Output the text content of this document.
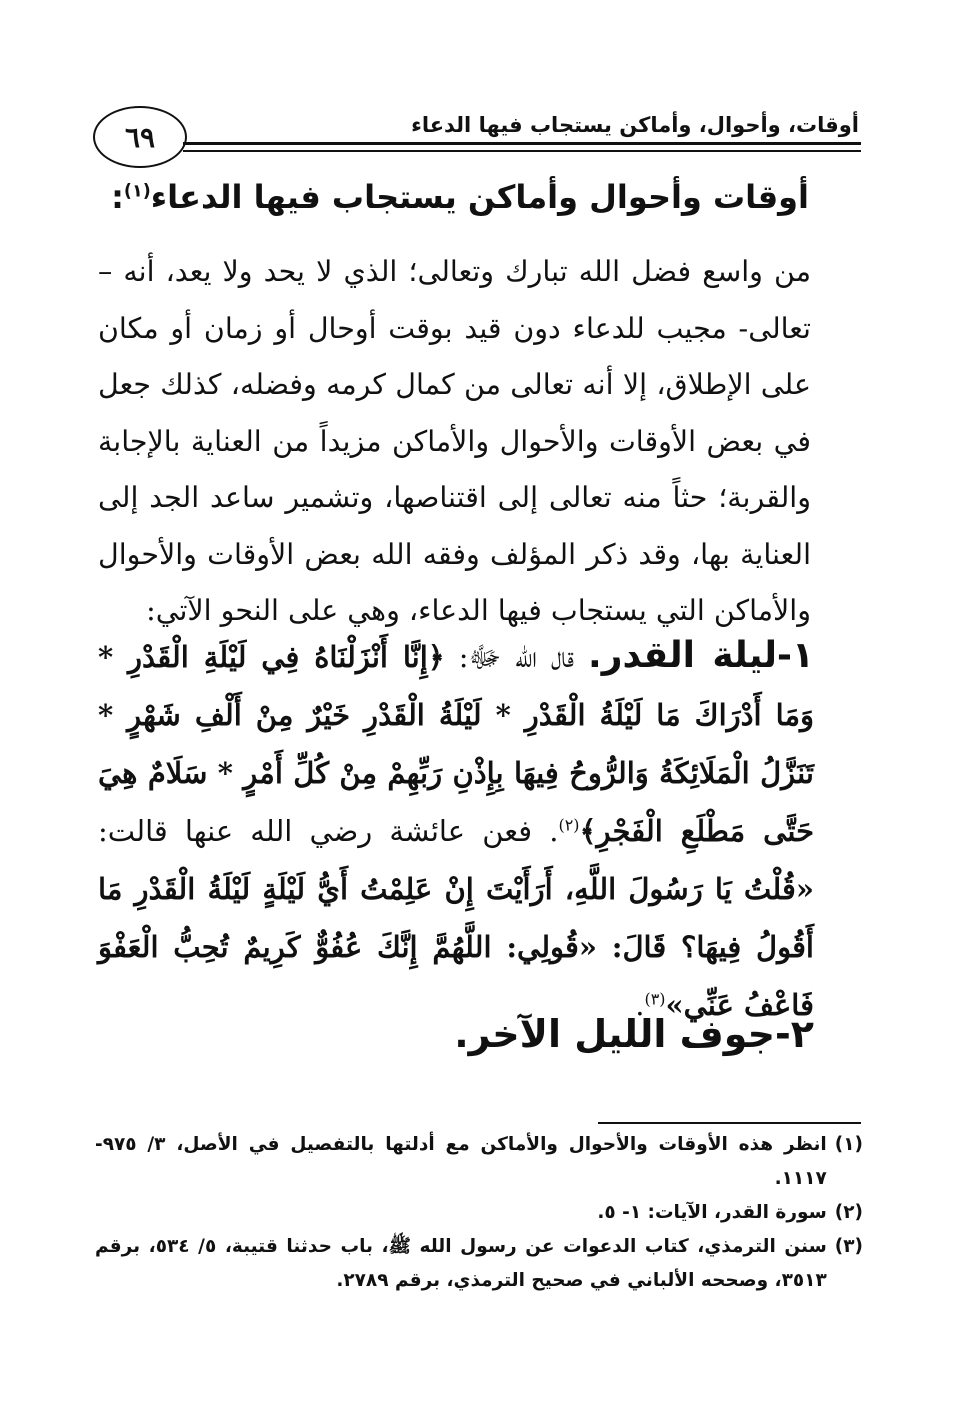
٦٩	أوقات، وأحوال، وأماكن يستجاب فيها الدعاء
أوقات وأحوال وأماكن يستجاب فيها الدعاء$^{(١)}$:
من واسع فضل الله تبارك وتعالى؛ الذي لا يحد ولا يعد، أنه – تعالى- مجيب للدعاء دون قيد بوقت أوحال أو زمان أو مكان على الإطلاق، إلا أنه تعالى من كمال كرمه وفضله، كذلك جعل في بعض الأوقات والأحوال والأماكن مزيداً من العناية بالإجابة والقربة؛ حثاً منه تعالى إلى اقتناصها، وتشمير ساعد الجد إلى العناية بها، وقد ذكر المؤلف وفقه الله بعض الأوقات والأحوال والأماكن التي يستجاب فيها الدعاء، وهي على النحو الآتي:
١-ليلة القدر. قال الله ﷻ: ﴿إِنَّا أَنْزَلْنَاهُ فِي لَيْلَةِ الْقَدْرِ * وَمَا أَدْرَاكَ مَا لَيْلَةُ الْقَدْرِ * لَيْلَةُ الْقَدْرِ خَيْرٌ مِنْ أَلْفِ شَهْرٍ * تَنَزَّلُ الْمَلَائِكَةُ وَالرُّوحُ فِيهَا بِإِذْنِ رَبِّهِمْ مِنْ كُلِّ أَمْرٍ * سَلَامٌ هِيَ حَتَّى مَطْلَعِ الْفَجْرِ﴾$^{(٢)}$. فعن عائشة رضي الله عنها قالت: «قُلْتُ يَا رَسُولَ اللَّهِ، أَرَأَيْتَ إِنْ عَلِمْتُ أَيُّ لَيْلَةٍ لَيْلَةُ الْقَدْرِ مَا أَقُولُ فِيهَا؟ قَالَ: «قُولِي: اللَّهُمَّ إِنَّكَ عُفُوٌّ كَرِيمٌ تُحِبُّ الْعَفْوَ فَاعْفُ عَنِّي»$^{(٣)}$.
٢-جوف الليل الآخر.
(١)
انظر هذه الأوقات والأحوال والأماكن مع أدلتها بالتفصيل في الأصل، ٣/ ٩٧٥- ١١١٧.
(٢)
سورة القدر، الآيات: ١- ٥.
(٣)
سنن الترمذي، كتاب الدعوات عن رسول الله ﷺ، باب حدثنا قتيبة، ٥/ ٥٣٤، برقم ٣٥١٣، وصححه الألباني في صحيح الترمذي، برقم ٢٧٨٩.
